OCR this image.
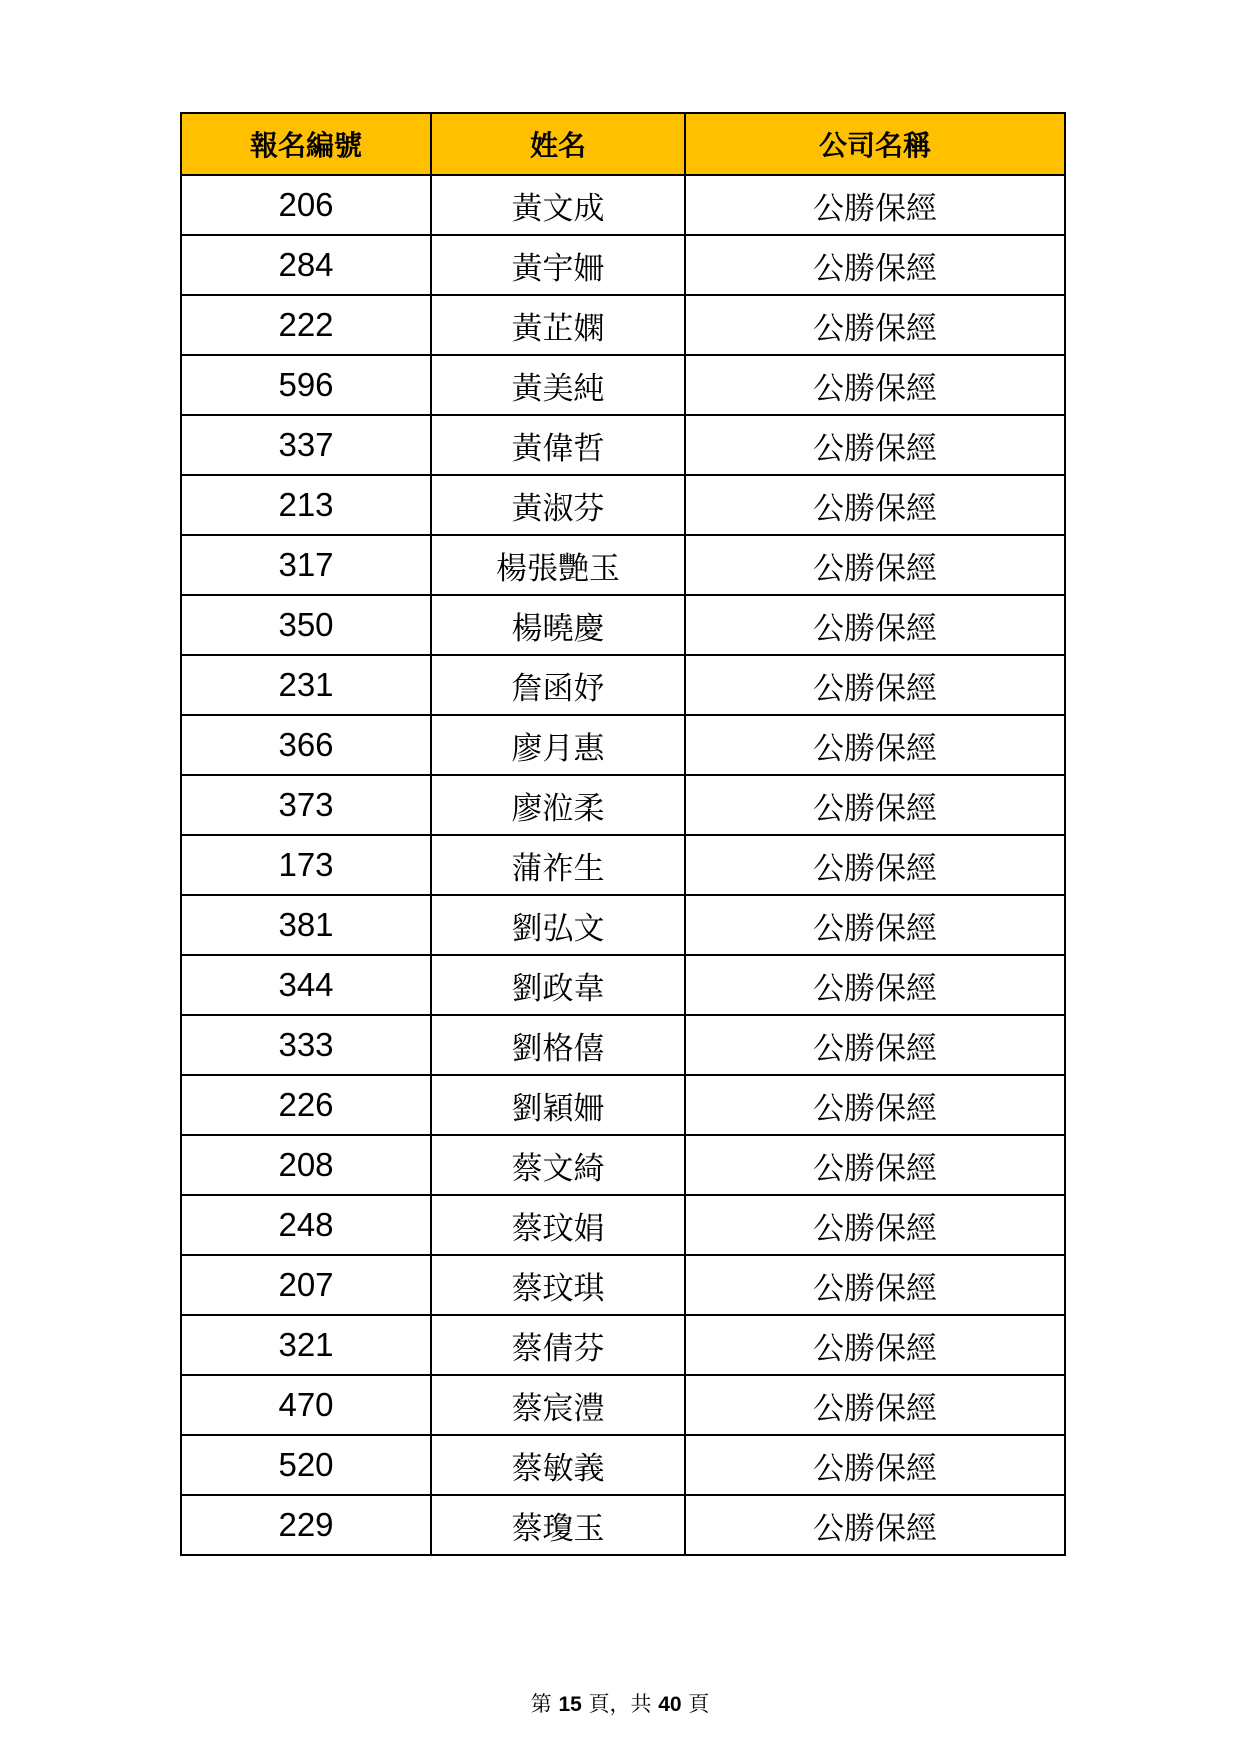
報名編號	姓名	公司名稱
206	黃文成	公勝保經
284	黃宇姍	公勝保經
222	黃芷嫻	公勝保經
596	黃美純	公勝保經
337	黃偉哲	公勝保經
213	黃淑芬	公勝保經
317	楊張艷玉	公勝保經
350	楊曉慶	公勝保經
231	詹函妤	公勝保經
366	廖月惠	公勝保經
373	廖涖柔	公勝保經
173	蒲祚生	公勝保經
381	劉弘文	公勝保經
344	劉政韋	公勝保經
333	劉格僖	公勝保經
226	劉穎姍	公勝保經
208	蔡文綺	公勝保經
248	蔡玟娟	公勝保經
207	蔡玟琪	公勝保經
321	蔡倩芬	公勝保經
470	蔡宸澧	公勝保經
520	蔡敏義	公勝保經
229	蔡瓊玉	公勝保經
第 15 頁，共 40 頁
